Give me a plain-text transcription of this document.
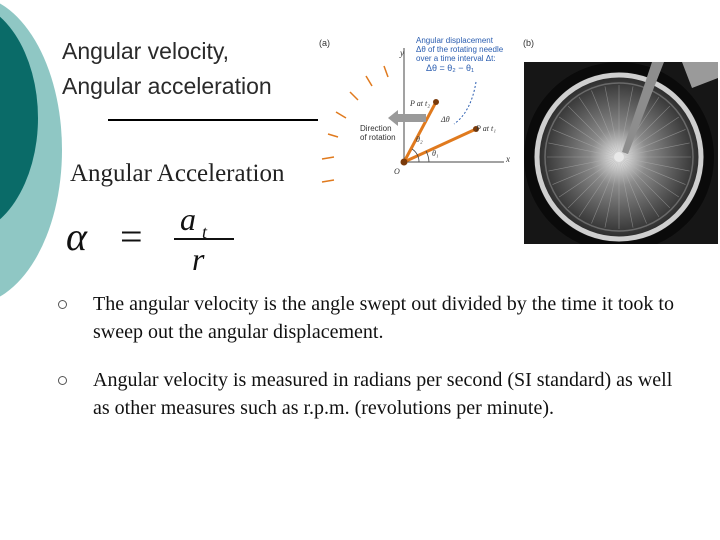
Angular velocity,
Angular acceleration
Angular Acceleration
α = a t
r
(a)	Angular displacement
Δθ of the rotating needle
over a time interval Δt:
Δθ = θ₂ − θ₁
y
x
O
θ₁
θ₂
Δθ
P at t₂
P at t₁
Direction
of rotation
(b)
The angular velocity is the angle swept out divided by the time it took to sweep out the angular displacement.
Angular velocity is measured in radians per second (SI standard) as well as other measures such as r.p.m. (revolutions per minute).
